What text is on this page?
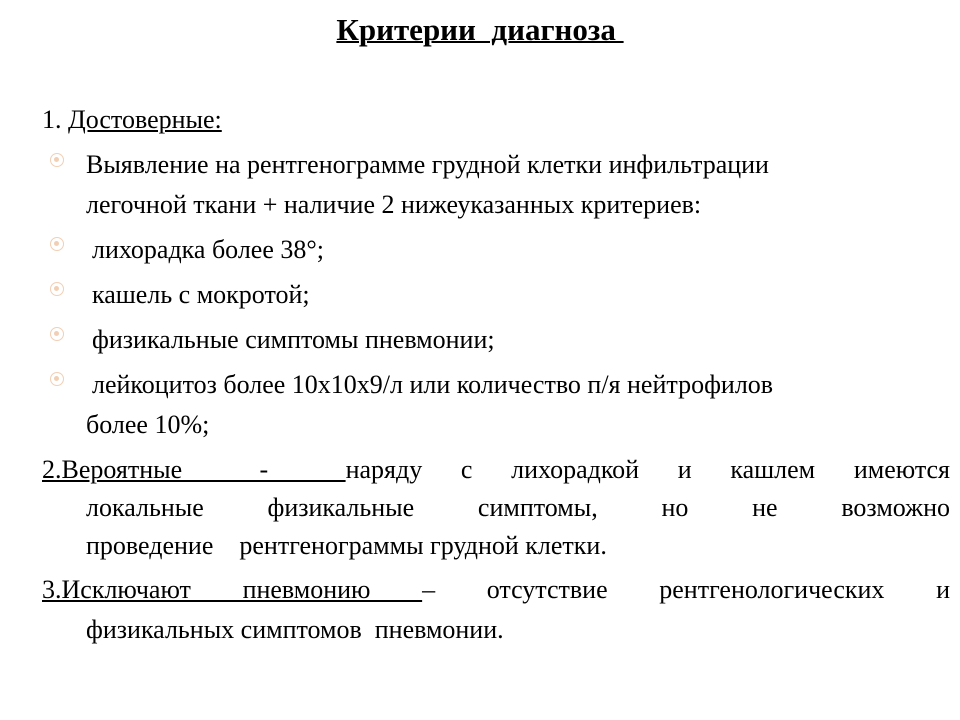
Критерии  диагноза
1. Достоверные:
Выявление на рентгенограмме грудной клетки инфильтрации
легочной ткани + наличие 2 нижеуказанных критериев:
лихорадка более 38°;
кашель с мокротой;
физикальные симптомы пневмонии;
лейкоцитоз более 10х10х9/л или количество п/я нейтрофилов
более 10%;
2.Вероятные  -  наряду с лихорадкой и кашлем имеются
локальные физикальные симптомы, но не возможно
проведение    рентгенограммы грудной клетки.
3.Исключают пневмонию – отсутствие рентгенологических и
физикальных симптомов  пневмонии.
